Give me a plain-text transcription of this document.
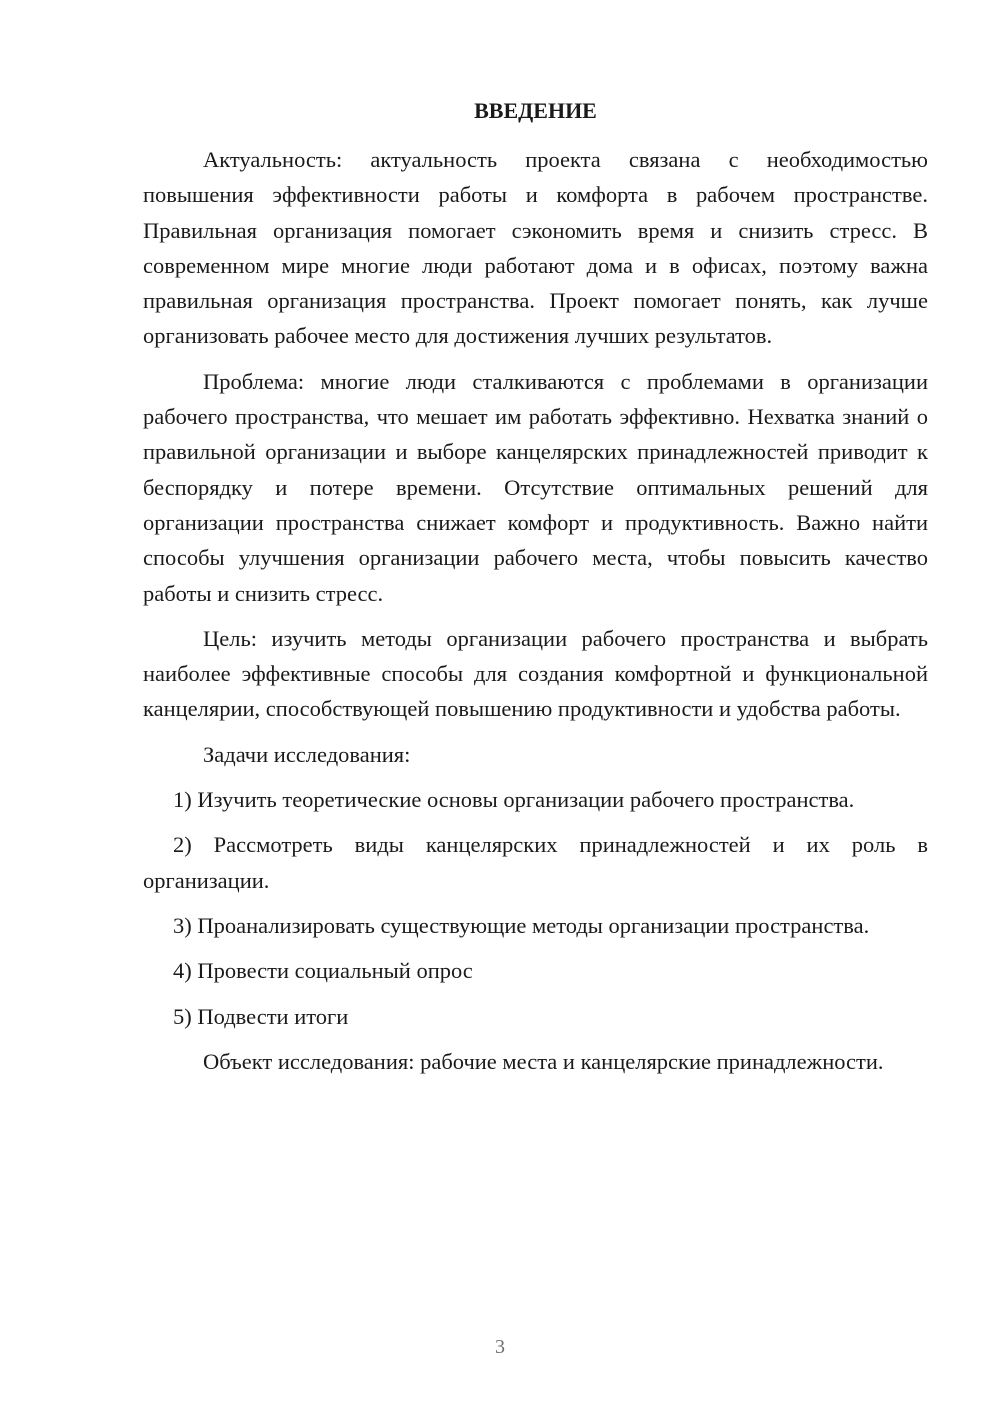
ВВЕДЕНИЕ

Актуальность: актуальность проекта связана с необходимостью повышения эффективности работы и комфорта в рабочем пространстве. Правильная организация помогает сэкономить время и снизить стресс. В современном мире многие люди работают дома и в офисах, поэтому важна правильная организация пространства. Проект помогает понять, как лучше организовать рабочее место для достижения лучших результатов.

Проблема: многие люди сталкиваются с проблемами в организации рабочего пространства, что мешает им работать эффективно. Нехватка знаний о правильной организации и выборе канцелярских принадлежностей приводит к беспорядку и потере времени. Отсутствие оптимальных решений для организации пространства снижает комфорт и продуктивность. Важно найти способы улучшения организации рабочего места, чтобы повысить качество работы и снизить стресс.

Цель: изучить методы организации рабочего пространства и выбрать наиболее эффективные способы для создания комфортной и функциональной канцелярии, способствующей повышению продуктивности и удобства работы.

Задачи исследования:

1) Изучить теоретические основы организации рабочего пространства.

2) Рассмотреть виды канцелярских принадлежностей и их роль в организации.

3) Проанализировать существующие методы организации пространства.

4) Провести социальный опрос

5) Подвести итоги

Объект исследования: рабочие места и канцелярские принадлежности.

3
